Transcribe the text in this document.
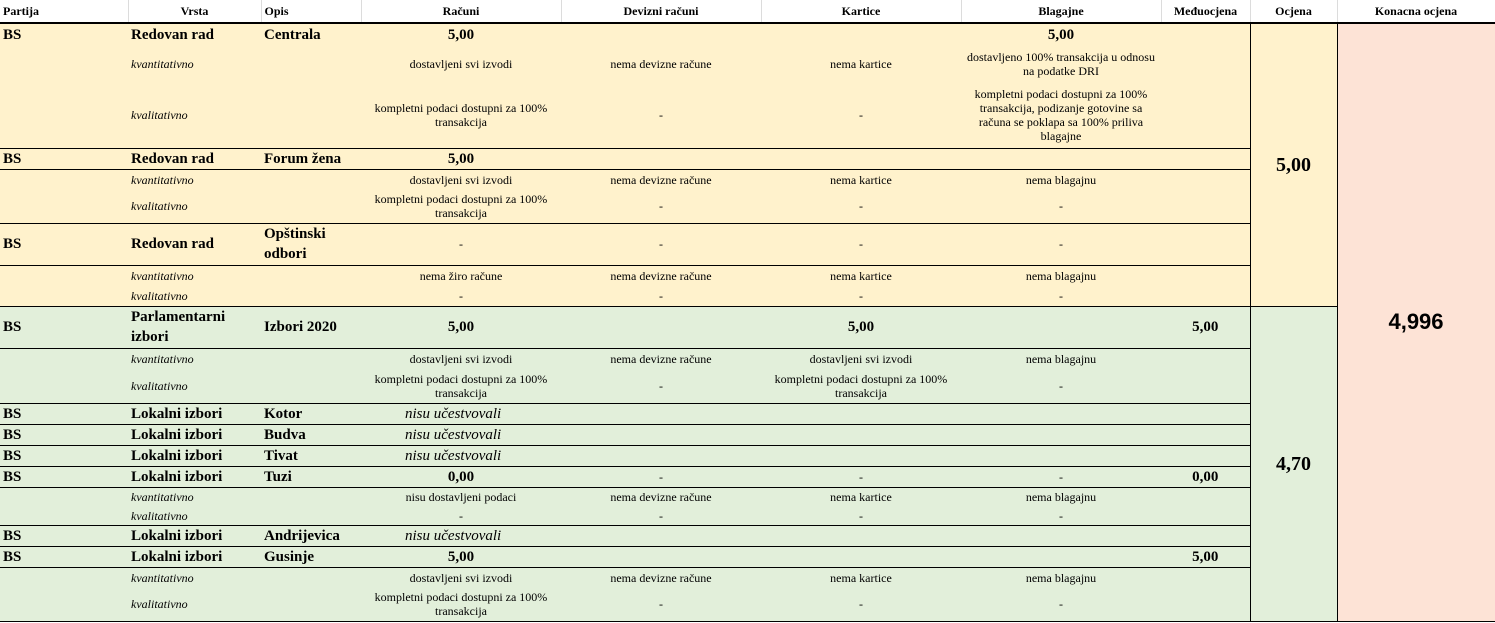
Partija	Vrsta	Opis	Računi	Devizni računi	Kartice	Blagajne	Međuocjena	Ocjena	Konacna ocjena
BS	Redovan rad	Centrala	5,00			5,00		5,00	4,996
	kvantitativno		dostavljeni svi izvodi	nema devizne račune	nema kartice	dostavljeno 100% transakcija u odnosu na podatke DRI			
	kvalitativno		kompletni podaci dostupni za 100% transakcija	-	-	kompletni podaci dostupni za 100% transakcija, podizanje gotovine sa računa se poklapa sa 100% priliva blagajne			
BS	Redovan rad	Forum žena	5,00						
	kvantitativno		dostavljeni svi izvodi	nema devizne račune	nema kartice	nema blagajnu			
	kvalitativno		kompletni podaci dostupni za 100% transakcija	-	-	-			
BS	Redovan rad	Opštinski odbori	-	-	-	-			
	kvantitativno		nema žiro račune	nema devizne račune	nema kartice	nema blagajnu			
	kvalitativno		-	-	-	-			
BS	Parlamentarni izbori	Izbori 2020	5,00		5,00		5,00	4,70	
	kvantitativno		dostavljeni svi izvodi	nema devizne račune	dostavljeni svi izvodi	nema blagajnu			
	kvalitativno		kompletni podaci dostupni za 100% transakcija	-	kompletni podaci dostupni za 100% transakcija	-			
BS	Lokalni izbori	Kotor	nisu učestvovali						
BS	Lokalni izbori	Budva	nisu učestvovali						
BS	Lokalni izbori	Tivat	nisu učestvovali						
BS	Lokalni izbori	Tuzi	0,00	-	-	-	0,00		
	kvantitativno		nisu dostavljeni podaci	nema devizne račune	nema kartice	nema blagajnu			
	kvalitativno		-	-	-	-			
BS	Lokalni izbori	Andrijevica	nisu učestvovali						
BS	Lokalni izbori	Gusinje	5,00				5,00		
	kvantitativno		dostavljeni svi izvodi	nema devizne račune	nema kartice	nema blagajnu			
	kvalitativno		kompletni podaci dostupni za 100% transakcija	-	-	-			
